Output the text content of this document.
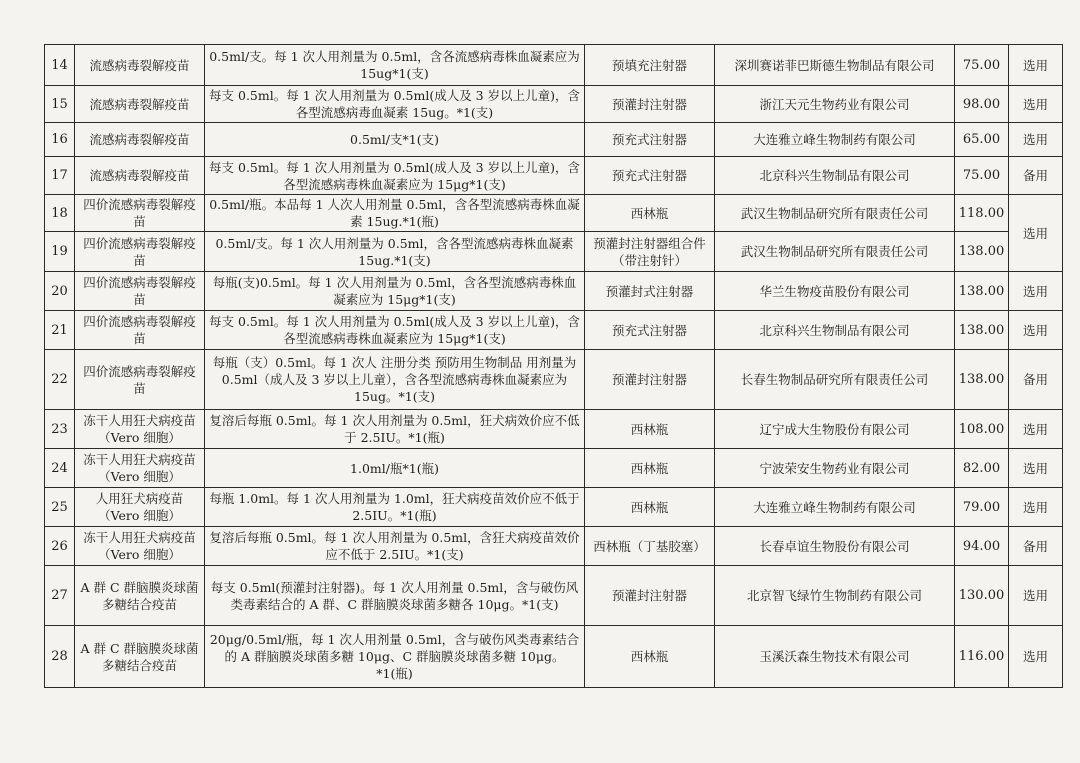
14	流感病毒裂解疫苗	0.5ml/支。每 1 次人用剂量为 0.5ml，含各流感病毒株血凝素应为 15ug*1(支)	预填充注射器	深圳赛诺菲巴斯德生物制品有限公司	75.00	选用
15	流感病毒裂解疫苗	每支 0.5ml。每 1 次人用剂量为 0.5ml(成人及 3 岁以上儿童)，含各型流感病毒血凝素 15ug。*1(支)	预灌封注射器	浙江天元生物药业有限公司	98.00	选用
16	流感病毒裂解疫苗	0.5ml/支*1(支)	预充式注射器	大连雅立峰生物制药有限公司	65.00	选用
17	流感病毒裂解疫苗	每支 0.5ml。每 1 次人用剂量为 0.5ml(成人及 3 岁以上儿童)，含各型流感病毒株血凝素应为 15μg*1(支)	预充式注射器	北京科兴生物制品有限公司	75.00	备用
18	四价流感病毒裂解疫苗	0.5ml/瓶。本品每 1 人次人用剂量 0.5ml，含各型流感病毒株血凝素 15ug.*1(瓶)	西林瓶	武汉生物制品研究所有限责任公司	118.00	选用
19	四价流感病毒裂解疫苗	0.5ml/支。每 1 次人用剂量为 0.5ml，含各型流感病毒株血凝素 15ug.*1(支)	预灌封注射器组合件（带注射针）	武汉生物制品研究所有限责任公司	138.00	
20	四价流感病毒裂解疫苗	每瓶(支)0.5ml。每 1 次人用剂量为 0.5ml，含各型流感病毒株血凝素应为 15μg*1(支)	预灌封式注射器	华兰生物疫苗股份有限公司	138.00	选用
21	四价流感病毒裂解疫苗	每支 0.5ml。每 1 次人用剂量为 0.5ml(成人及 3 岁以上儿童)，含各型流感病毒株血凝素应为 15μg*1(支)	预充式注射器	北京科兴生物制品有限公司	138.00	选用
22	四价流感病毒裂解疫苗	每瓶（支）0.5ml。每 1 次人 注册分类 预防用生物制品 用剂量为 0.5ml（成人及 3 岁以上儿童），含各型流感病毒株血凝素应为 15ug。*1(支)	预灌封注射器	长春生物制品研究所有限责任公司	138.00	备用
23	冻干人用狂犬病疫苗（Vero 细胞）	复溶后每瓶 0.5ml。每 1 次人用剂量为 0.5ml，狂犬病效价应不低于 2.5IU。*1(瓶)	西林瓶	辽宁成大生物股份有限公司	108.00	选用
24	冻干人用狂犬病疫苗（Vero 细胞）	1.0ml/瓶*1(瓶)	西林瓶	宁波荣安生物药业有限公司	82.00	选用
25	人用狂犬病疫苗（Vero 细胞）	每瓶 1.0ml。每 1 次人用剂量为 1.0ml，狂犬病疫苗效价应不低于 2.5IU。*1(瓶)	西林瓶	大连雅立峰生物制药有限公司	79.00	选用
26	冻干人用狂犬病疫苗（Vero 细胞）	复溶后每瓶 0.5ml。每 1 次人用剂量为 0.5ml，含狂犬病疫苗效价应不低于 2.5IU。*1(支)	西林瓶（丁基胶塞）	长春卓谊生物股份有限公司	94.00	备用
27	A 群 C 群脑膜炎球菌多糖结合疫苗	每支 0.5ml(预灌封注射器)。每 1 次人用剂量 0.5ml，含与破伤风类毒素结合的 A 群、C 群脑膜炎球菌多糖各 10μg。*1(支)	预灌封注射器	北京智飞绿竹生物制药有限公司	130.00	选用
28	A 群 C 群脑膜炎球菌多糖结合疫苗	20μg/0.5ml/瓶，每 1 次人用剂量 0.5ml，含与破伤风类毒素结合的 A 群脑膜炎球菌多糖 10μg、C 群脑膜炎球菌多糖 10μg。*1(瓶)	西林瓶	玉溪沃森生物技术有限公司	116.00	选用
